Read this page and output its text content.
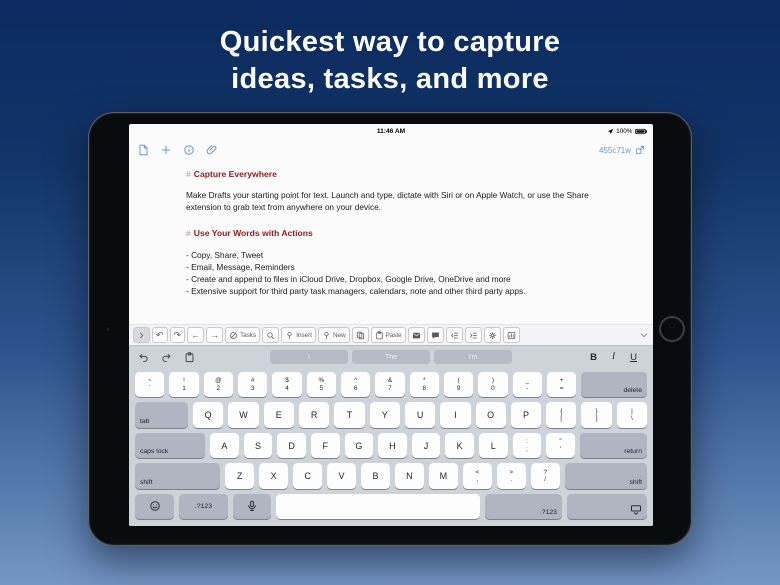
Quickest way to capture
ideas, tasks, and more
11:46 AM	100%
455c71w
# Capture Everywhere
Make Drafts your starting point for text. Launch and type, dictate with Siri or on Apple Watch, or use the Share extension to grab text from anywhere on your device.
# Use Your Words with Actions
- Copy, Share, Tweet
- Email, Message, Reminders
- Create and append to files in iCloud Drive, Dropbox, Google Drive, OneDrive and more
- Extensive support for third party task managers, calendars, note and other third party apps.
↶ ↷ ← →	Tasks	Insert	New	Paste
I	The	I'm	B I U
~
`
!
1
@
2
#
3
$
4
%
5
^
6
&
7
*
8
(
9
)
0
_
-
+
=	delete
tab
Q	W	E	R	T	Y	U	I	O	P	{
[
}
]
|
\
caps lock
A	S	D	F	G	H	J	K	L	:
;
"
'	return
shift
Z	X	C	V	B	N	M	<
,
>
.
?
/	shift
.?123
.?123
